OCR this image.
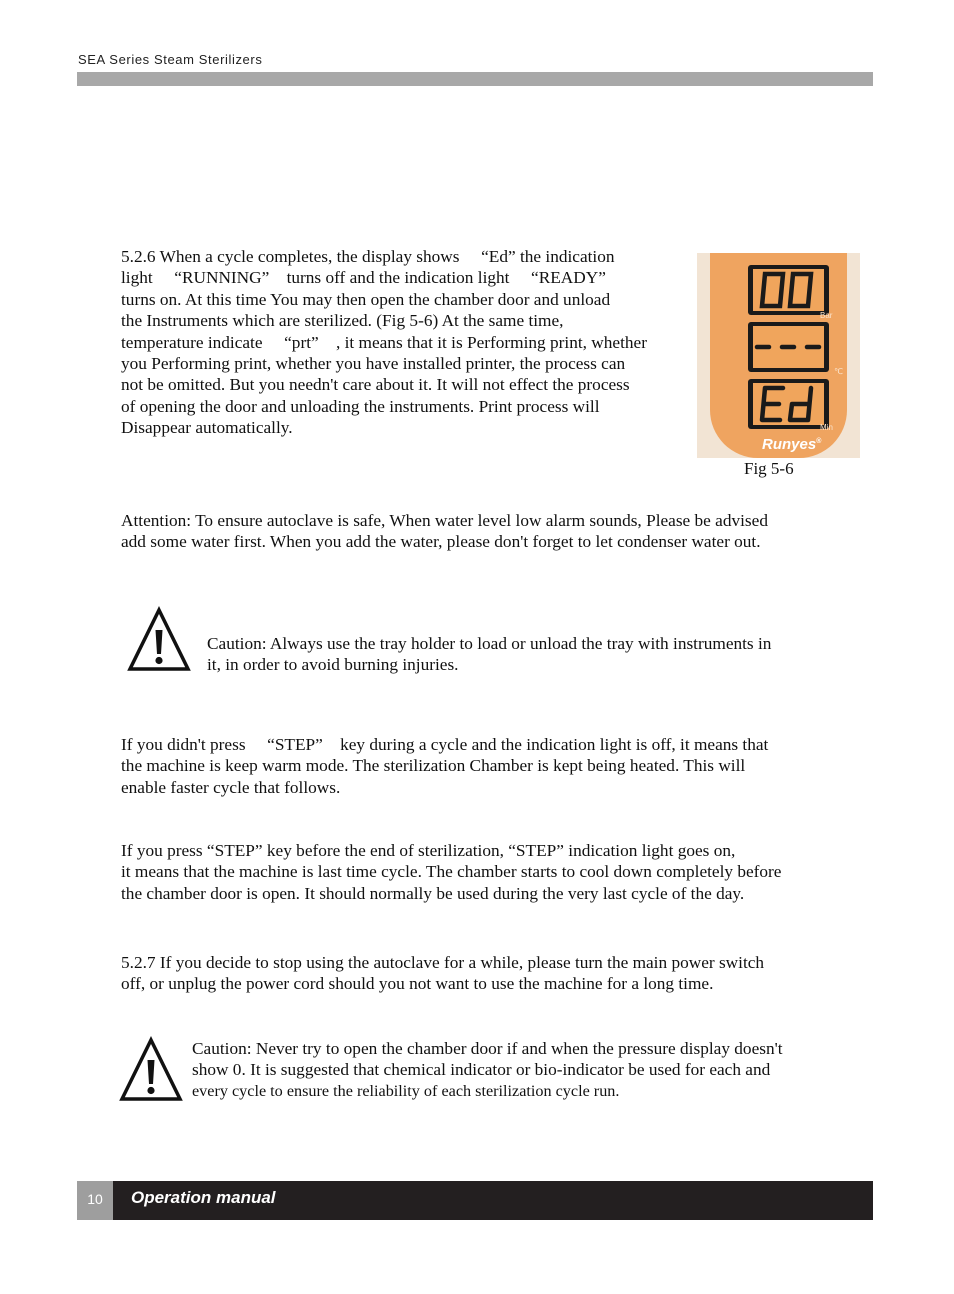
SEA Series Steam Sterilizers
5.2.6 When a cycle completes, the display shows 　“Ed” the indication
light 　“RUNNING”　turns off and the indication light 　“READY”
turns on. At this time You may then open the chamber door and unload
the Instruments which are sterilized. (Fig 5-6) At the same time,
temperature indicate 　“prt”　, it means that it is Performing print, whether
you Performing print, whether you have installed printer, the process can
not be omitted. But you needn't care about it. It will not effect the process
of opening the door and unloading the instruments. Print process will
Disappear automatically.
Bar
℃
Min
Runyes®
Fig 5-6
Attention: To ensure autoclave is safe, When water level low alarm sounds, Please be advised
add some water first. When you add the water, please don't forget to let condenser water out.
Caution: Always use the tray holder to load or unload the tray with instruments in
it, in order to avoid burning injuries.
If you didn't press 　“STEP”　key during a cycle and the indication light is off, it means that
the machine is keep warm mode. The sterilization Chamber is kept being heated. This will
enable faster cycle that follows.
If you press “STEP” key before the end of sterilization, “STEP” indication light goes on,
it means that the machine is last time cycle. The chamber starts to cool down completely before
the chamber door is open. It should normally be used during the very last cycle of the day.
5.2.7 If you decide to stop using the autoclave for a while, please turn the main power switch
off, or unplug the power cord should you not want to use the machine for a long time.
Caution: Never try to open the chamber door if and when the pressure display doesn't
show 0. It is suggested that chemical indicator or bio-indicator be used for each and
every cycle to ensure the reliability of each sterilization cycle run.
10	Operation manual
